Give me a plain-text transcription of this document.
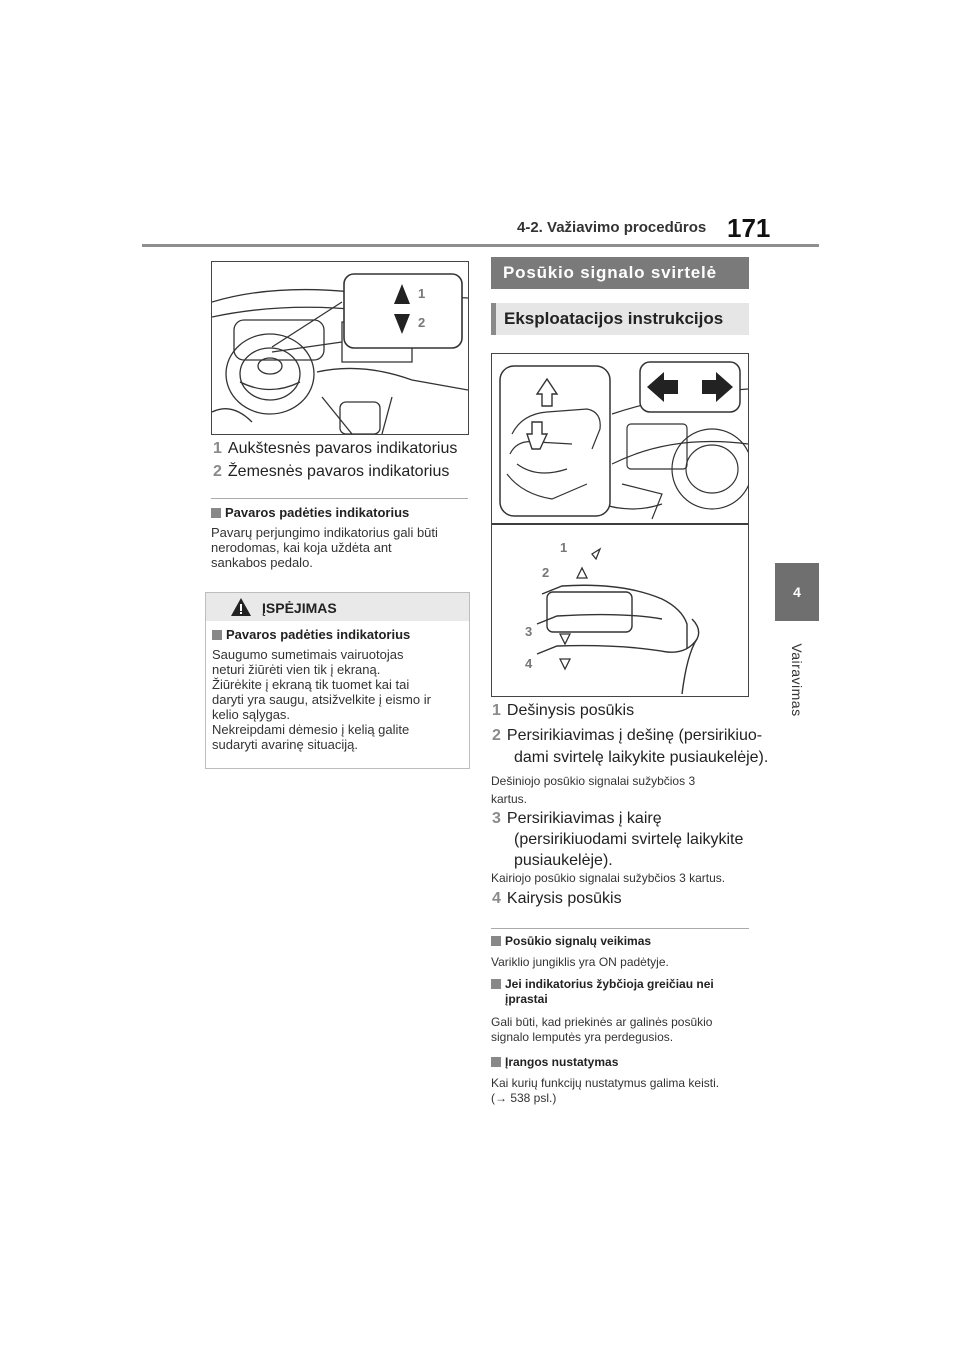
4-2. Važiavimo procedūros 171
4
Vairavimas
1
2
1 Aukštesnės pavaros indikatorius
2 Žemesnės pavaros indikatorius
Pavaros padėties indikatorius
Pavarų perjungimo indikatorius gali būti
nerodomas, kai koja uždėta ant
sankabos pedalo.
ĮSPĖJIMAS
Pavaros padėties indikatorius
Saugumo sumetimais vairuotojas
neturi žiūrėti vien tik į ekraną.
Žiūrėkite į ekraną tik tuomet kai tai
daryti yra saugu, atsižvelkite į eismo ir
kelio sąlygas.
Nekreipdami dėmesio į kelią galite
sudaryti avarinę situaciją.
Posūkio signalo svirtelė
Eksploatacijos instrukcijos
1
2
3
4
1 Dešinysis posūkis
2 Persirikiavimas į dešinę (persirikiuo-
dami svirtelę laikykite pusiaukelėje).
Dešiniojo posūkio signalai sužybčios 3
kartus.
3 Persirikiavimas į kairę
(persirikiuodami svirtelę laikykite
pusiaukelėje).
Kairiojo posūkio signalai sužybčios 3 kartus.
4 Kairysis posūkis
Posūkio signalų veikimas
Variklio jungiklis yra ON padėtyje.
Jei indikatorius žybčioja greičiau nei
įprastai
Gali būti, kad priekinės ar galinės posūkio
signalo lemputės yra perdegusios.
Įrangos nustatymas
Kai kurių funkcijų nustatymus galima keisti.
(→ 538 psl.)
